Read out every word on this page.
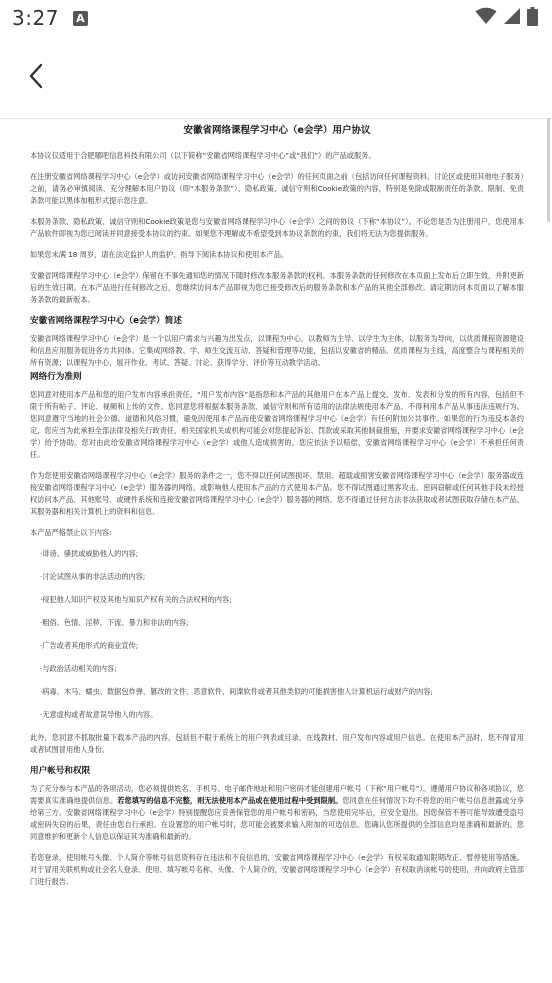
3:27 A
安徽省网络课程学习中心（e会学）用户协议

本协议仅适用于合肥哪吧信息科技有限公司（以下简称“安徽省网络课程学习中心”或“我们”）的产品或服务。

在注册安徽省网络课程学习中心（e会学）或访问安徽省网络课程学习中心（e会学）的任何页面之前（包括访问任何课程资料、讨论区或使用其他电子服务）之前，请务必审慎阅读、充分理解本用户协议（即“本服务条款”）、隐私政策、诚信守则和Cookie政策的内容，特别是免除或限制责任的条款、限制、免责条款可能以黑体加粗形式提示您注意。

本服务条款、隐私政策、诚信守则和Cookie政策是您与安徽省网络课程学习中心（e会学）之间的协议（下称“本协议”）。不论您是否为注册用户，您使用本产品软件即视为您已阅读并同意接受本协议的约束。如果您不理解或不希望受到本协议条款的约束，我们将无法为您提供服务。

如果您未满 18 周岁，请在法定监护人的监护、指导下阅读本协议和使用本产品。

安徽省网络课程学习中心（e会学）保留在不事先通知您的情况下随时修改本服务条款的权利。本服务条款的任何修改在本页面上发布后立即生效，并附更新后的生效日期。在本产品进行任何修改之后，您继续访问本产品即视为您已接受修改后的服务条款和本产品的其他全部修改。请定期访问本页面以了解本服务条款的最新版本。

安徽省网络课程学习中心（e会学）简述

安徽省网络课程学习中心（e会学）是一个以用户需求与兴趣为出发点，以课程为中心，以教师为主导、以学生为主体，以服务为导向，以优质课程资源建设和信息应用服务促进各方共同体。它集成网络教、学、师生交流互动、答疑和管理等功能，包括以安徽省的精品、优质课程为主线，高度整合与课程相关的所有资源；以课程为中心，展开作业、考试、答疑、讨论、获得学分、评价等互动教学活动。

网络行为准则

您同意对使用本产品和您的用户发布内容承担责任。“用户发布内容”是指您和本产品的其他用户在本产品上提交、发布、发表和分发的所有内容，包括但不限于所有帖子、评论、视频和上传的文件。您同意您将根据本服务条款、诚信守则和所有适用的法律法规使用本产品。不得利用本产品从事违法违规行为。您同意遵守当地的社会公德、道德和风俗习惯，避免因使用本产品而使安徽省网络课程学习中心（e会学）有任何附加公共事件。如果您的行为违反本条约定，您应当为此承担全部法律及相关行政责任，相关国家机关或机构可能会对您提起诉讼、罚款或采取其他制裁措施，并要求安徽省网络课程学习中心（e会学）给予协助。您对由此给安徽省网络课程学习中心（e会学）或他人造成损害的，您应依法予以赔偿，安徽省网络课程学习中心（e会学）不承担任何责任。

作为您使用安徽省网络课程学习中心（e会学）服务的条件之一，您不得以任何试图损坏、禁用、超载或损害安徽省网络课程学习中心（e会学）服务器或连接安徽省网络课程学习中心（e会学）服务器的网络，或影响他人使用本产品的方式使用本产品。您不得试图通过黑客攻击、密码窃解或任何其他手段未经授权访问本产品、其他账号、或硬件系统和连接安徽省网络课程学习中心（e会学）服务器的网络。您不得通过任何方法非法获取或者试图获取存储在本产品、其服务器和相关计算机上的资料和信息。

本产品严格禁止以下内容:

·诽谤、骚扰或威胁他人的内容;
·讨论试图从事的非法活动的内容;
·侵犯他人知识产权及其他与知识产权有关的合法权利的内容;
·粗俗、色情、淫秽、下流、暴力和非法的内容;
·广告或者其他形式的商业宣传;
·与政治活动相关的内容;
·病毒、木马、蠕虫、数据包炸弹、篡改的文件、恶意软件、间谍软件或者其他类似的可能损害他人计算机运行或财产的内容;
·无意虚构或者故意误导他人的内容。

此外，您同意不抓取批量下载本产品的内容，包括但不限于系统上的用户列表或目录、在线教材、用户发布内容或用户信息。在使用本产品时，您不得冒用或者试图冒用他人身份。

用户帐号和权限

为了充分参与本产品的各项活动，您必须提供姓名、手机号、电子邮件地址和用户密码才能创建用户帐号（下称“用户帐号”）。遵循用户协议和各项协议，您需要真实准确地提供信息。若您填写的信息不完整，则无法使用本产品或在使用过程中受到限制。您同意在任何情况下均不将您的用户帐号信息泄露或分享给第三方。安徽省网络课程学习中心（e会学）特别提醒您应妥善保管您的用户帐号和密码，当您使用完毕后，应安全退出。因您保管不善可能导致遭受盗号或密码失窃的后果，责任由您自行承担。在设置您的用户帐号时，您可能会被要求输入附加的可选信息。您确认您所提供的全部信息均是准确和最新的。您同意维护和更新个人信息以保证其为准确和最新的。

若您登录、使用帐号头像、个人简介等帐号信息资料存在违法和不良信息的，安徽省网络课程学习中心（e会学）有权采取通知限期改正、暂停使用等措施。对于冒用关联机构或社会名人登录、使用、填写帐号名称、头像、个人简介的，安徽省网络课程学习中心（e会学）有权取消该帐号的使用，并向政府主管部门进行报告。
